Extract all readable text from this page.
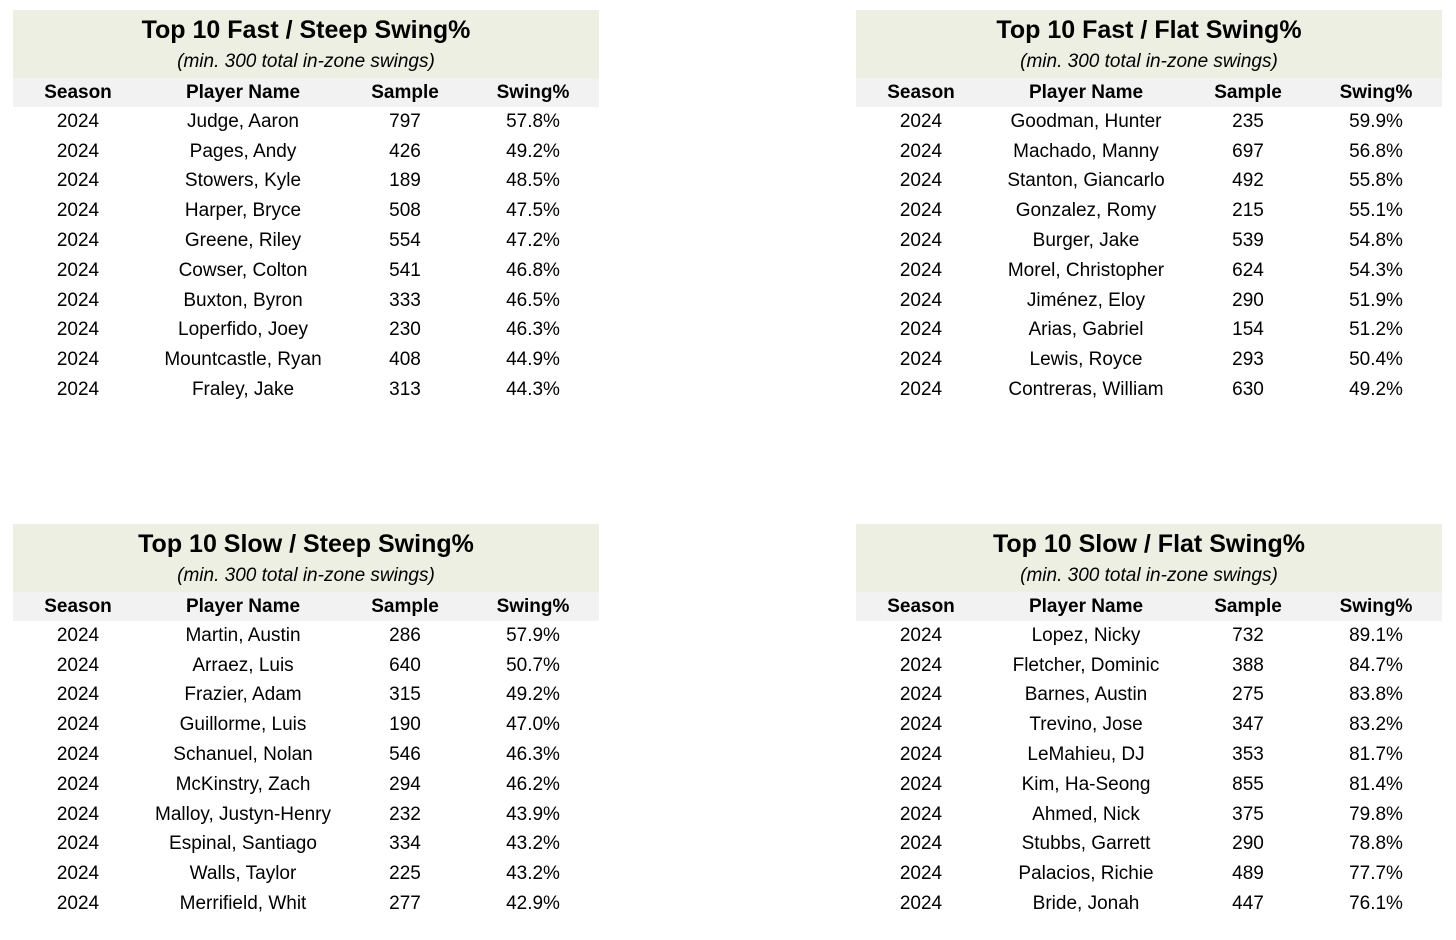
Top 10 Fast / Steep Swing%
(min. 300 total in-zone swings)
Season	Player Name	Sample	Swing%
2024	Judge, Aaron	797	57.8%
2024	Pages, Andy	426	49.2%
2024	Stowers, Kyle	189	48.5%
2024	Harper, Bryce	508	47.5%
2024	Greene, Riley	554	47.2%
2024	Cowser, Colton	541	46.8%
2024	Buxton, Byron	333	46.5%
2024	Loperfido, Joey	230	46.3%
2024	Mountcastle, Ryan	408	44.9%
2024	Fraley, Jake	313	44.3%
Top 10 Fast / Flat Swing%
(min. 300 total in-zone swings)
Season	Player Name	Sample	Swing%
2024	Goodman, Hunter	235	59.9%
2024	Machado, Manny	697	56.8%
2024	Stanton, Giancarlo	492	55.8%
2024	Gonzalez, Romy	215	55.1%
2024	Burger, Jake	539	54.8%
2024	Morel, Christopher	624	54.3%
2024	Jiménez, Eloy	290	51.9%
2024	Arias, Gabriel	154	51.2%
2024	Lewis, Royce	293	50.4%
2024	Contreras, William	630	49.2%
Top 10 Slow / Steep Swing%
(min. 300 total in-zone swings)
Season	Player Name	Sample	Swing%
2024	Martin, Austin	286	57.9%
2024	Arraez, Luis	640	50.7%
2024	Frazier, Adam	315	49.2%
2024	Guillorme, Luis	190	47.0%
2024	Schanuel, Nolan	546	46.3%
2024	McKinstry, Zach	294	46.2%
2024	Malloy, Justyn-Henry	232	43.9%
2024	Espinal, Santiago	334	43.2%
2024	Walls, Taylor	225	43.2%
2024	Merrifield, Whit	277	42.9%
Top 10 Slow / Flat Swing%
(min. 300 total in-zone swings)
Season	Player Name	Sample	Swing%
2024	Lopez, Nicky	732	89.1%
2024	Fletcher, Dominic	388	84.7%
2024	Barnes, Austin	275	83.8%
2024	Trevino, Jose	347	83.2%
2024	LeMahieu, DJ	353	81.7%
2024	Kim, Ha-Seong	855	81.4%
2024	Ahmed, Nick	375	79.8%
2024	Stubbs, Garrett	290	78.8%
2024	Palacios, Richie	489	77.7%
2024	Bride, Jonah	447	76.1%
